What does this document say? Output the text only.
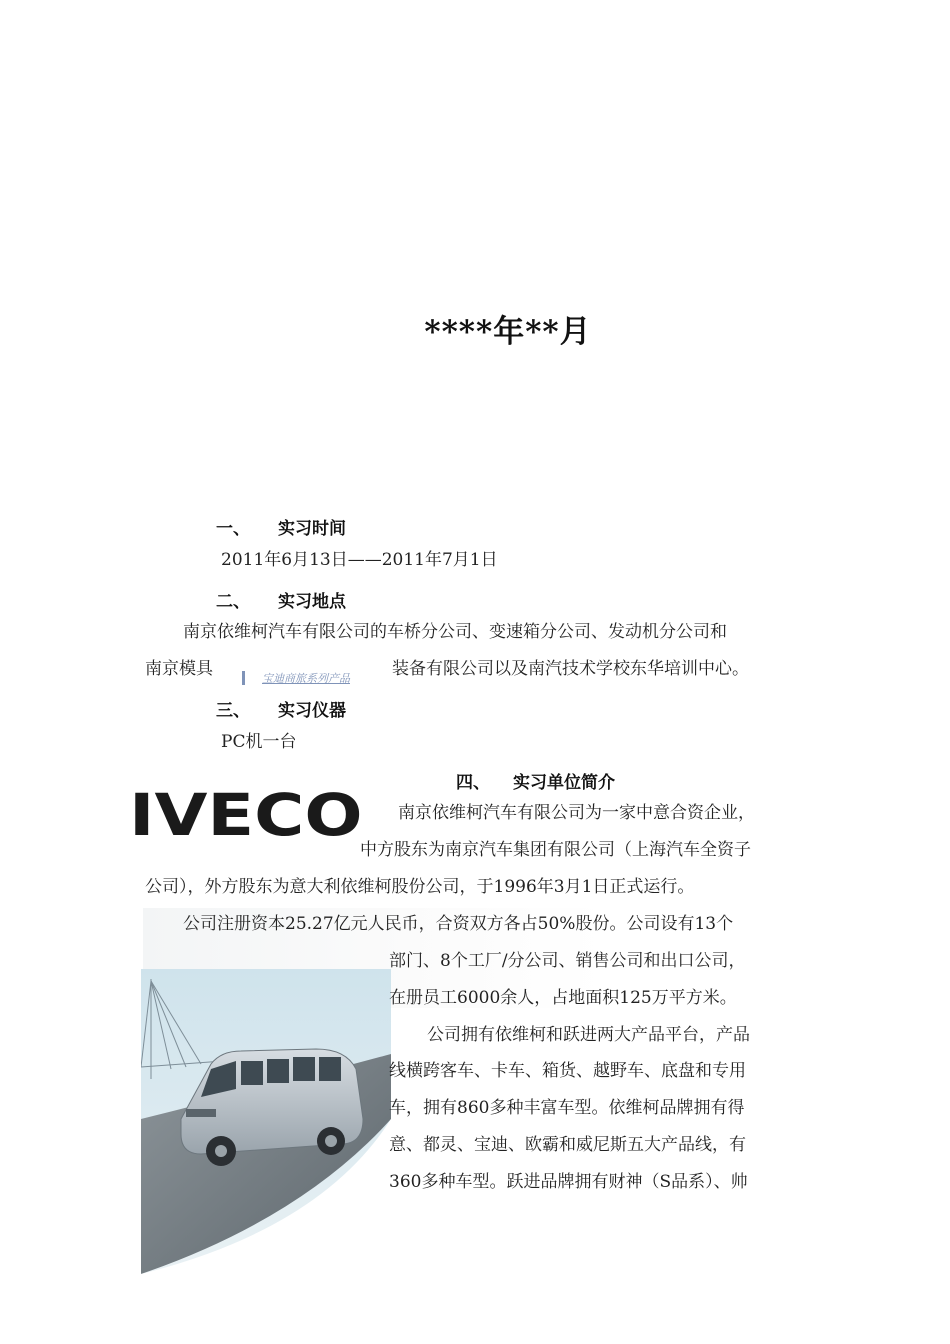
****年**月
一、 实习时间
2011年6月13日——2011年7月1日
二、 实习地点
南京依维柯汽车有限公司的车桥分公司、变速箱分公司、发动机分公司和
南京模具	宝迪商旅系列产品 装备有限公司以及南汽技术学校东华培训中心。
三、 实习仪器
PC机一台
四、 实习单位简介
IVECO 南京依维柯汽车有限公司为一家中意合资企业，
中方股东为南京汽车集团有限公司（上海汽车全资子
公司），外方股东为意大利依维柯股份公司，于1996年3月1日正式运行。
公司注册资本25.27亿元人民币，合资双方各占50%股份。公司设有13个
部门、8个工厂/分公司、销售公司和出口公司，
在册员工6000余人，占地面积125万平方米。
公司拥有依维柯和跃进两大产品平台，产品
线横跨客车、卡车、箱货、越野车、底盘和专用
车，拥有860多种丰富车型。依维柯品牌拥有得
意、都灵、宝迪、欧霸和威尼斯五大产品线，有
360多种车型。跃进品牌拥有财神（S品系）、帅
